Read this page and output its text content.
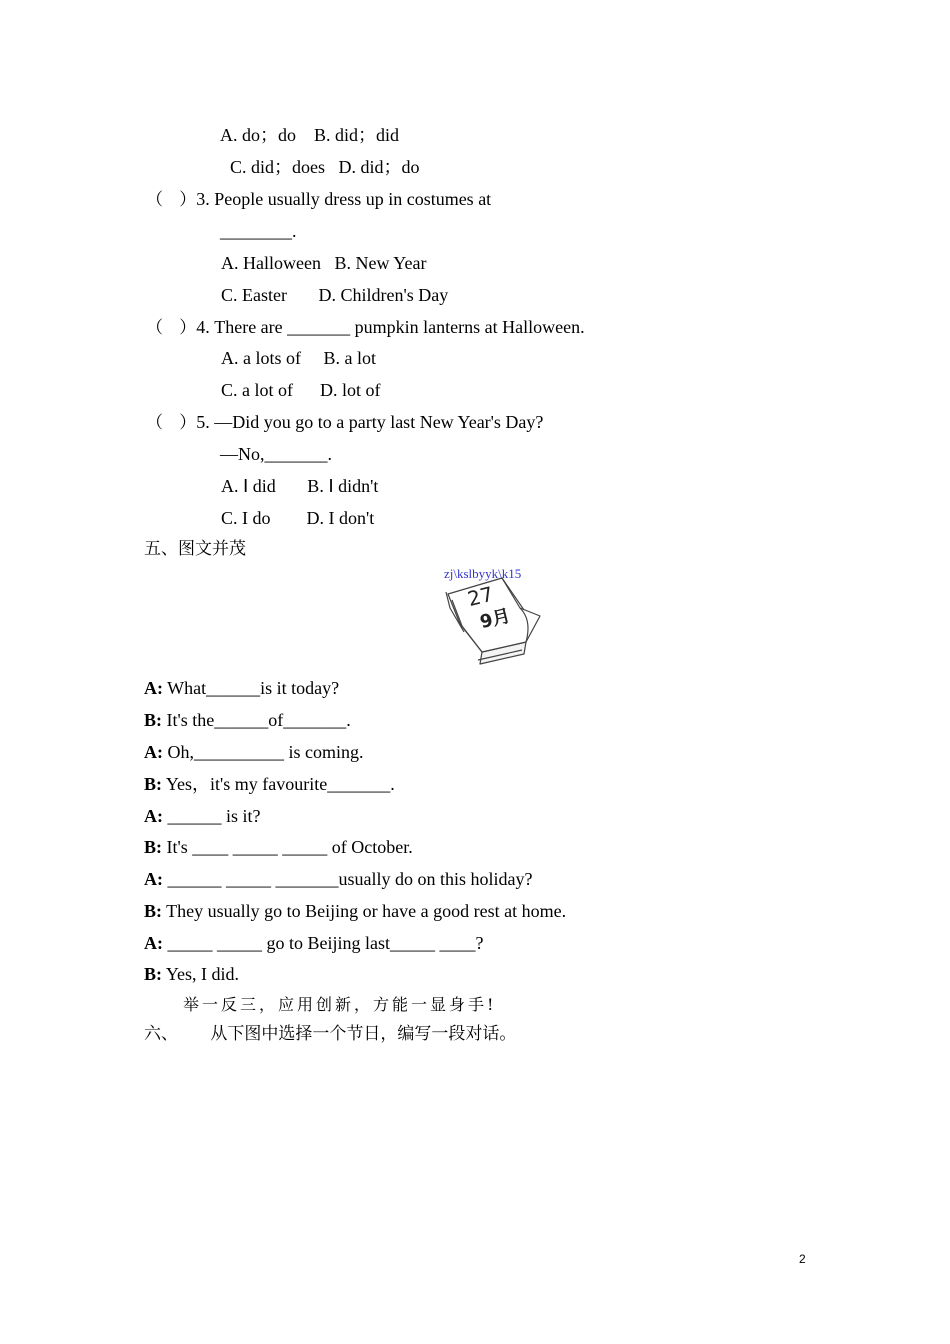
A. do；do    B. did；did
C. did；does   D. did；do
（   ）3. People usually dress up in costumes at
________.
A. Halloween   B. New Year
C. Easter       D. Children's Day
（   ）4. There are _______ pumpkin lanterns at Halloween.
A. a lots of     B. a lot
C. a lot of      D. lot of
（   ）5. —Did you go to a party last New Year's Day?
—No,_______.
A. Ⅰ did       B. Ⅰ didn't
C. I do        D. I don't
五、图文并茂
zj\kslbyyk\k15
27
9月
A: What______is it today?
B: It's the______of_______.
A: Oh,__________ is coming.
B: Yes，it's my favourite_______.
A: ______ is it?
B: It's ____ _____ _____ of October.
A: ______ _____ _______usually do on this holiday?
B: They usually go to Beijing or have a good rest at home.
A: _____ _____ go to Beijing last_____ ____?
B: Yes, I did.
举一反三，应用创新，方能一显身手!
六、      从下图中选择一个节日，编写一段对话。
2
